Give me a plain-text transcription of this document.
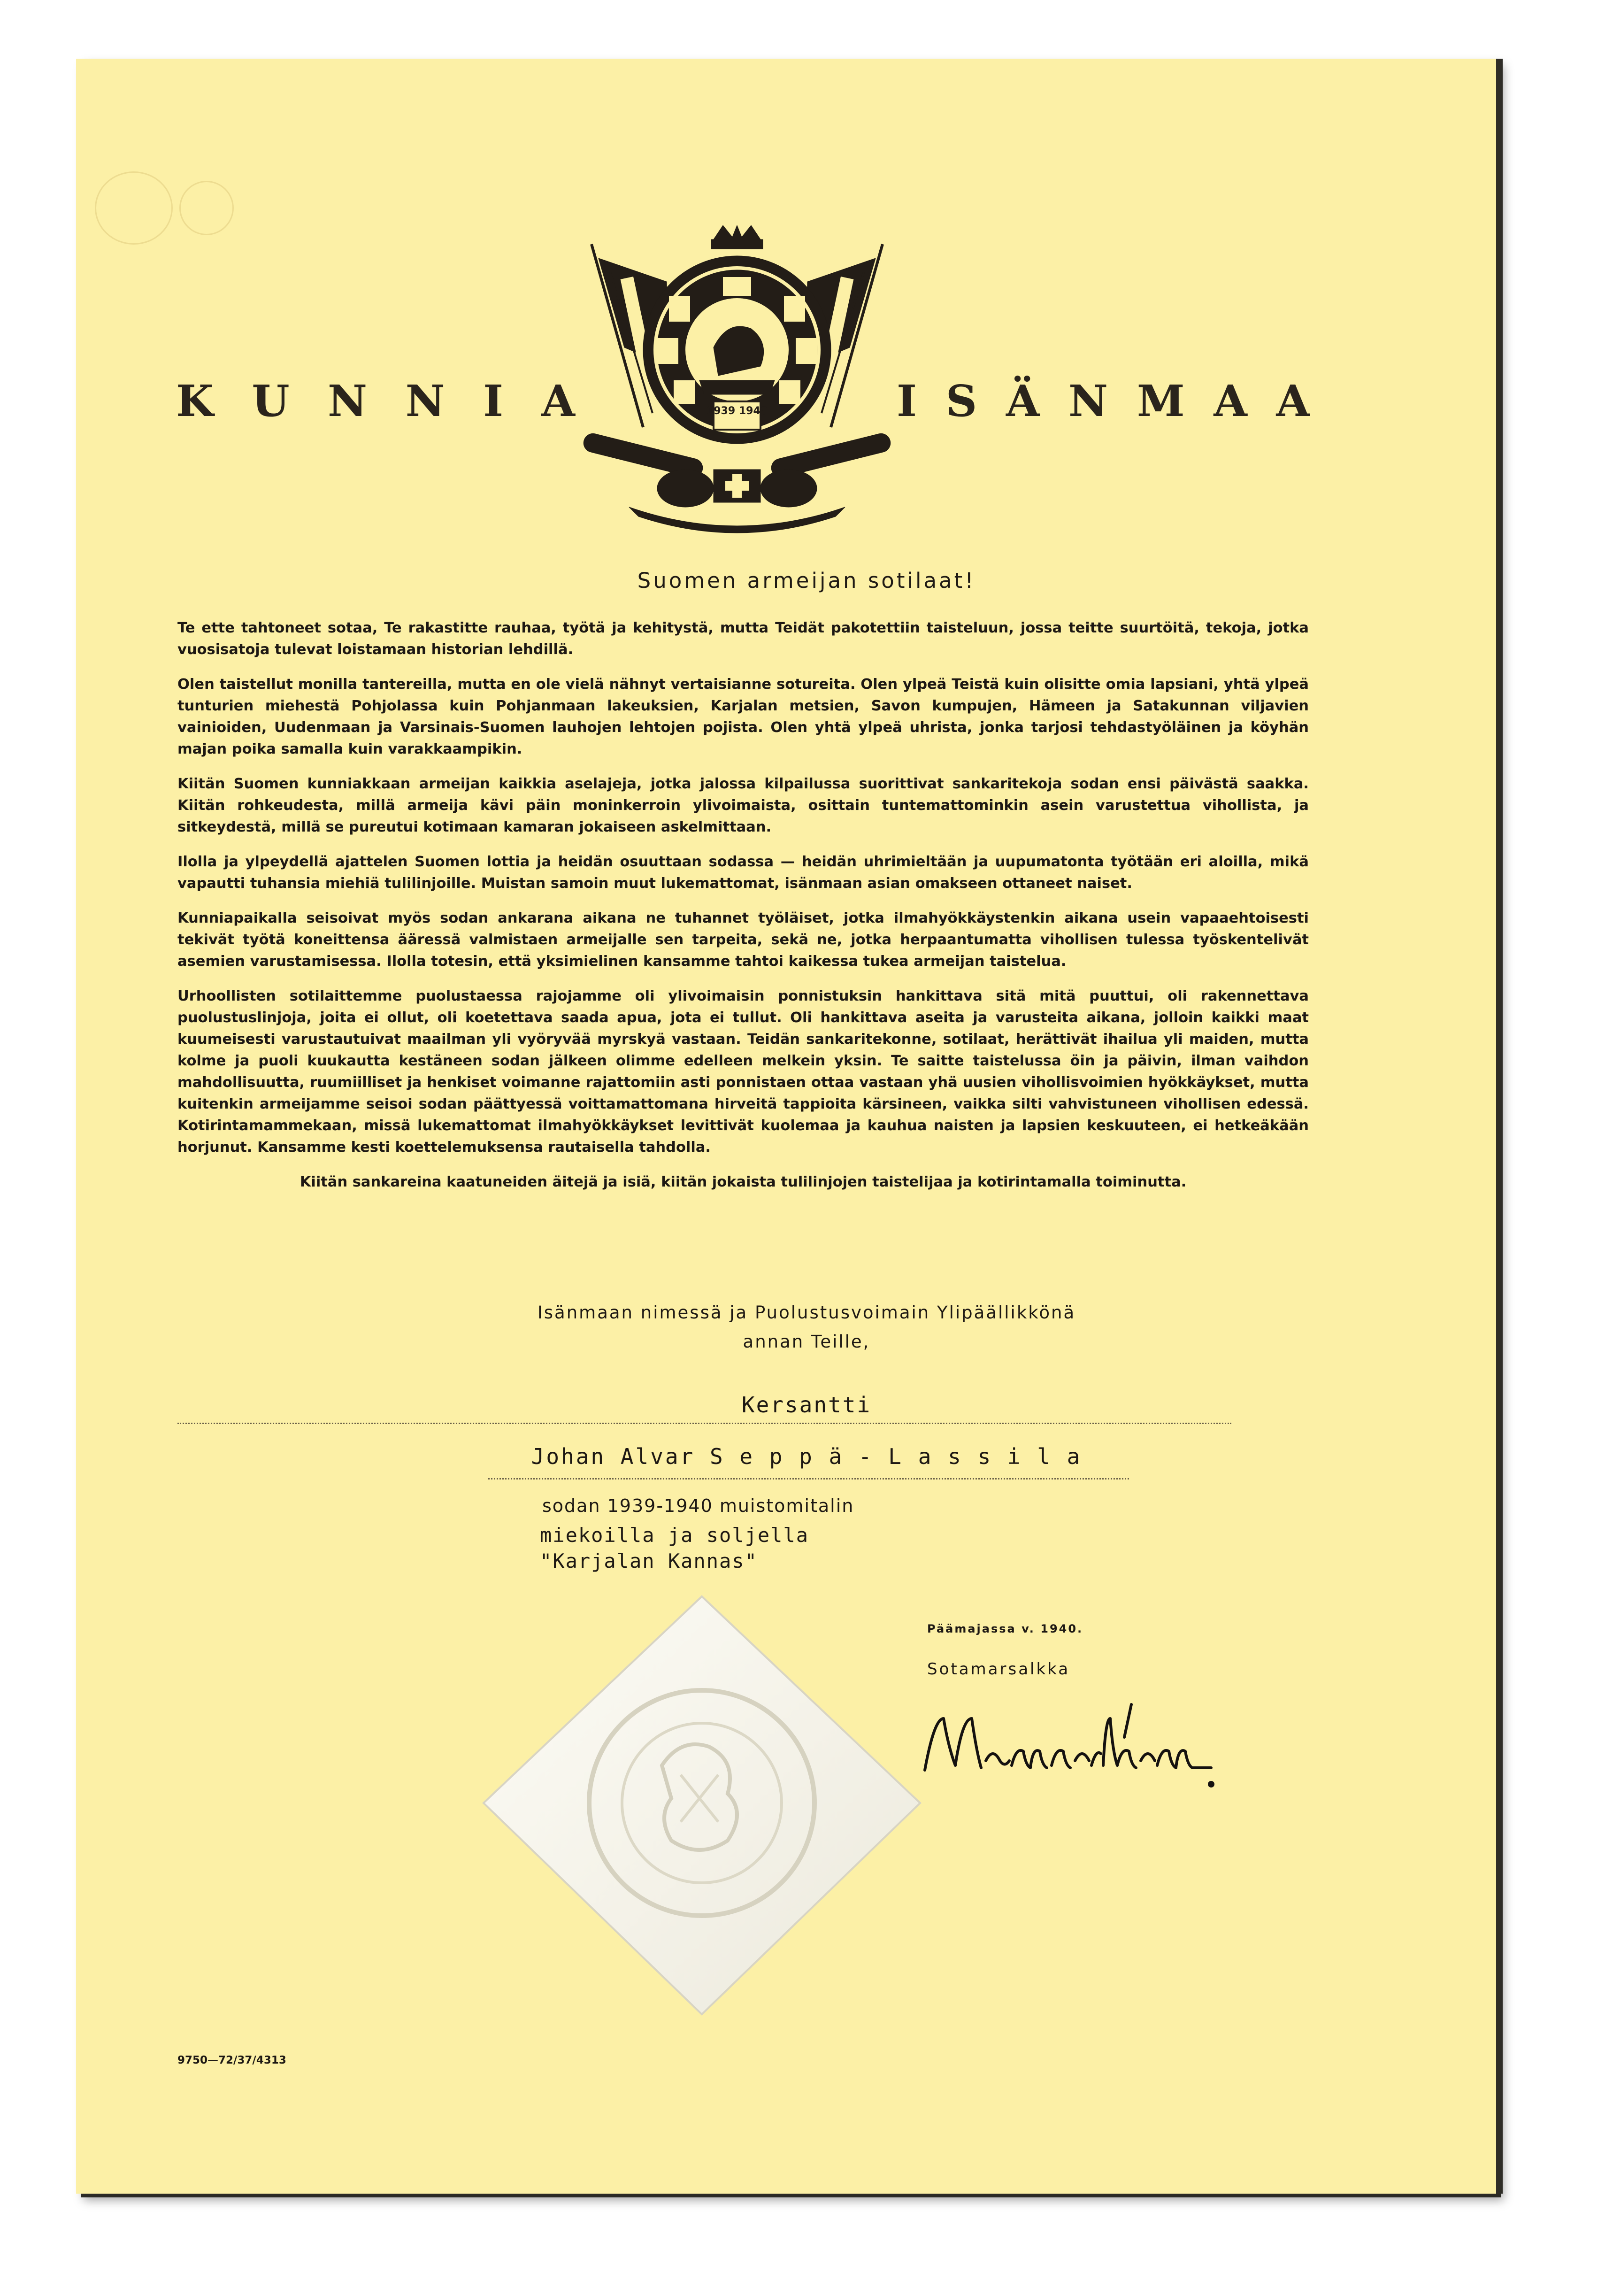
K U N N I A	I S Ä N M A A
1939 1940
Suomen armeijan sotilaat!

Te ette tahtoneet sotaa, Te rakastitte rauhaa, työtä ja kehitystä, mutta Teidät pakotettiin taisteluun, jossa teitte suurtöitä, tekoja, jotka vuosisatoja tulevat loistamaan historian lehdillä.

Olen taistellut monilla tantereilla, mutta en ole vielä nähnyt vertaisianne sotureita. Olen ylpeä Teistä kuin olisitte omia lapsiani, yhtä ylpeä tunturien miehestä Pohjolassa kuin Pohjanmaan lakeuksien, Karjalan metsien, Savon kumpujen, Hämeen ja Satakunnan viljavien vainioiden, Uudenmaan ja Varsinais-Suomen lauhojen lehtojen pojista. Olen yhtä ylpeä uhrista, jonka tarjosi tehdastyöläinen ja köyhän majan poika samalla kuin varakkaampikin.

Kiitän Suomen kunniakkaan armeijan kaikkia aselajeja, jotka jalossa kilpailussa suorittivat sankaritekoja sodan ensi päivästä saakka. Kiitän rohkeudesta, millä armeija kävi päin moninkerroin ylivoimaista, osittain tuntemattominkin asein varustettua vihollista, ja sitkeydestä, millä se pureutui kotimaan kamaran jokaiseen askelmittaan.

Ilolla ja ylpeydellä ajattelen Suomen lottia ja heidän osuuttaan sodassa — heidän uhrimieltään ja uupumatonta työtään eri aloilla, mikä vapautti tuhansia miehiä tulilinjoille. Muistan samoin muut lukemattomat, isänmaan asian omakseen ottaneet naiset.

Kunniapaikalla seisoivat myös sodan ankarana aikana ne tuhannet työläiset, jotka ilmahyökkäystenkin aikana usein vapaaehtoisesti tekivät työtä koneittensa ääressä valmistaen armeijalle sen tarpeita, sekä ne, jotka herpaantumatta vihollisen tulessa työskentelivät asemien varustamisessa. Ilolla totesin, että yksimielinen kansamme tahtoi kaikessa tukea armeijan taistelua.

Urhoollisten sotilaittemme puolustaessa rajojamme oli ylivoimaisin ponnistuksin hankittava sitä mitä puuttui, oli rakennettava puolustuslinjoja, joita ei ollut, oli koetettava saada apua, jota ei tullut. Oli hankittava aseita ja varusteita aikana, jolloin kaikki maat kuumeisesti varustautuivat maailman yli vyöryvää myrskyä vastaan. Teidän sankaritekonne, sotilaat, herättivät ihailua yli maiden, mutta kolme ja puoli kuukautta kestäneen sodan jälkeen olimme edelleen melkein yksin. Te saitte taistelussa öin ja päivin, ilman vaihdon mahdollisuutta, ruumiilliset ja henkiset voimanne rajattomiin asti ponnistaen ottaa vastaan yhä uusien vihollisvoimien hyökkäykset, mutta kuitenkin armeijamme seisoi sodan päättyessä voittamattomana hirveitä tappioita kärsineen, vaikka silti vahvistuneen vihollisen edessä. Kotirintamammekaan, missä lukemattomat ilmahyökkäykset levittivät kuolemaa ja kauhua naisten ja lapsien keskuuteen, ei hetkeäkään horjunut. Kansamme kesti koettelemuksensa rautaisella tahdolla.

Kiitän sankareina kaatuneiden äitejä ja isiä, kiitän jokaista tulilinjojen taistelijaa ja kotirintamalla toiminutta.

Isänmaan nimessä ja Puolustusvoimain Ylipäällikkönä
annan Teille,
Kersantti
Johan Alvar S e p p ä - L a s s i l a
sodan 1939-1940 muistomitalin
miekoilla ja soljella
"Karjalan Kannas"
Päämajassa v. 1940.
Sotamarsalkka
9750—72/37/4313
